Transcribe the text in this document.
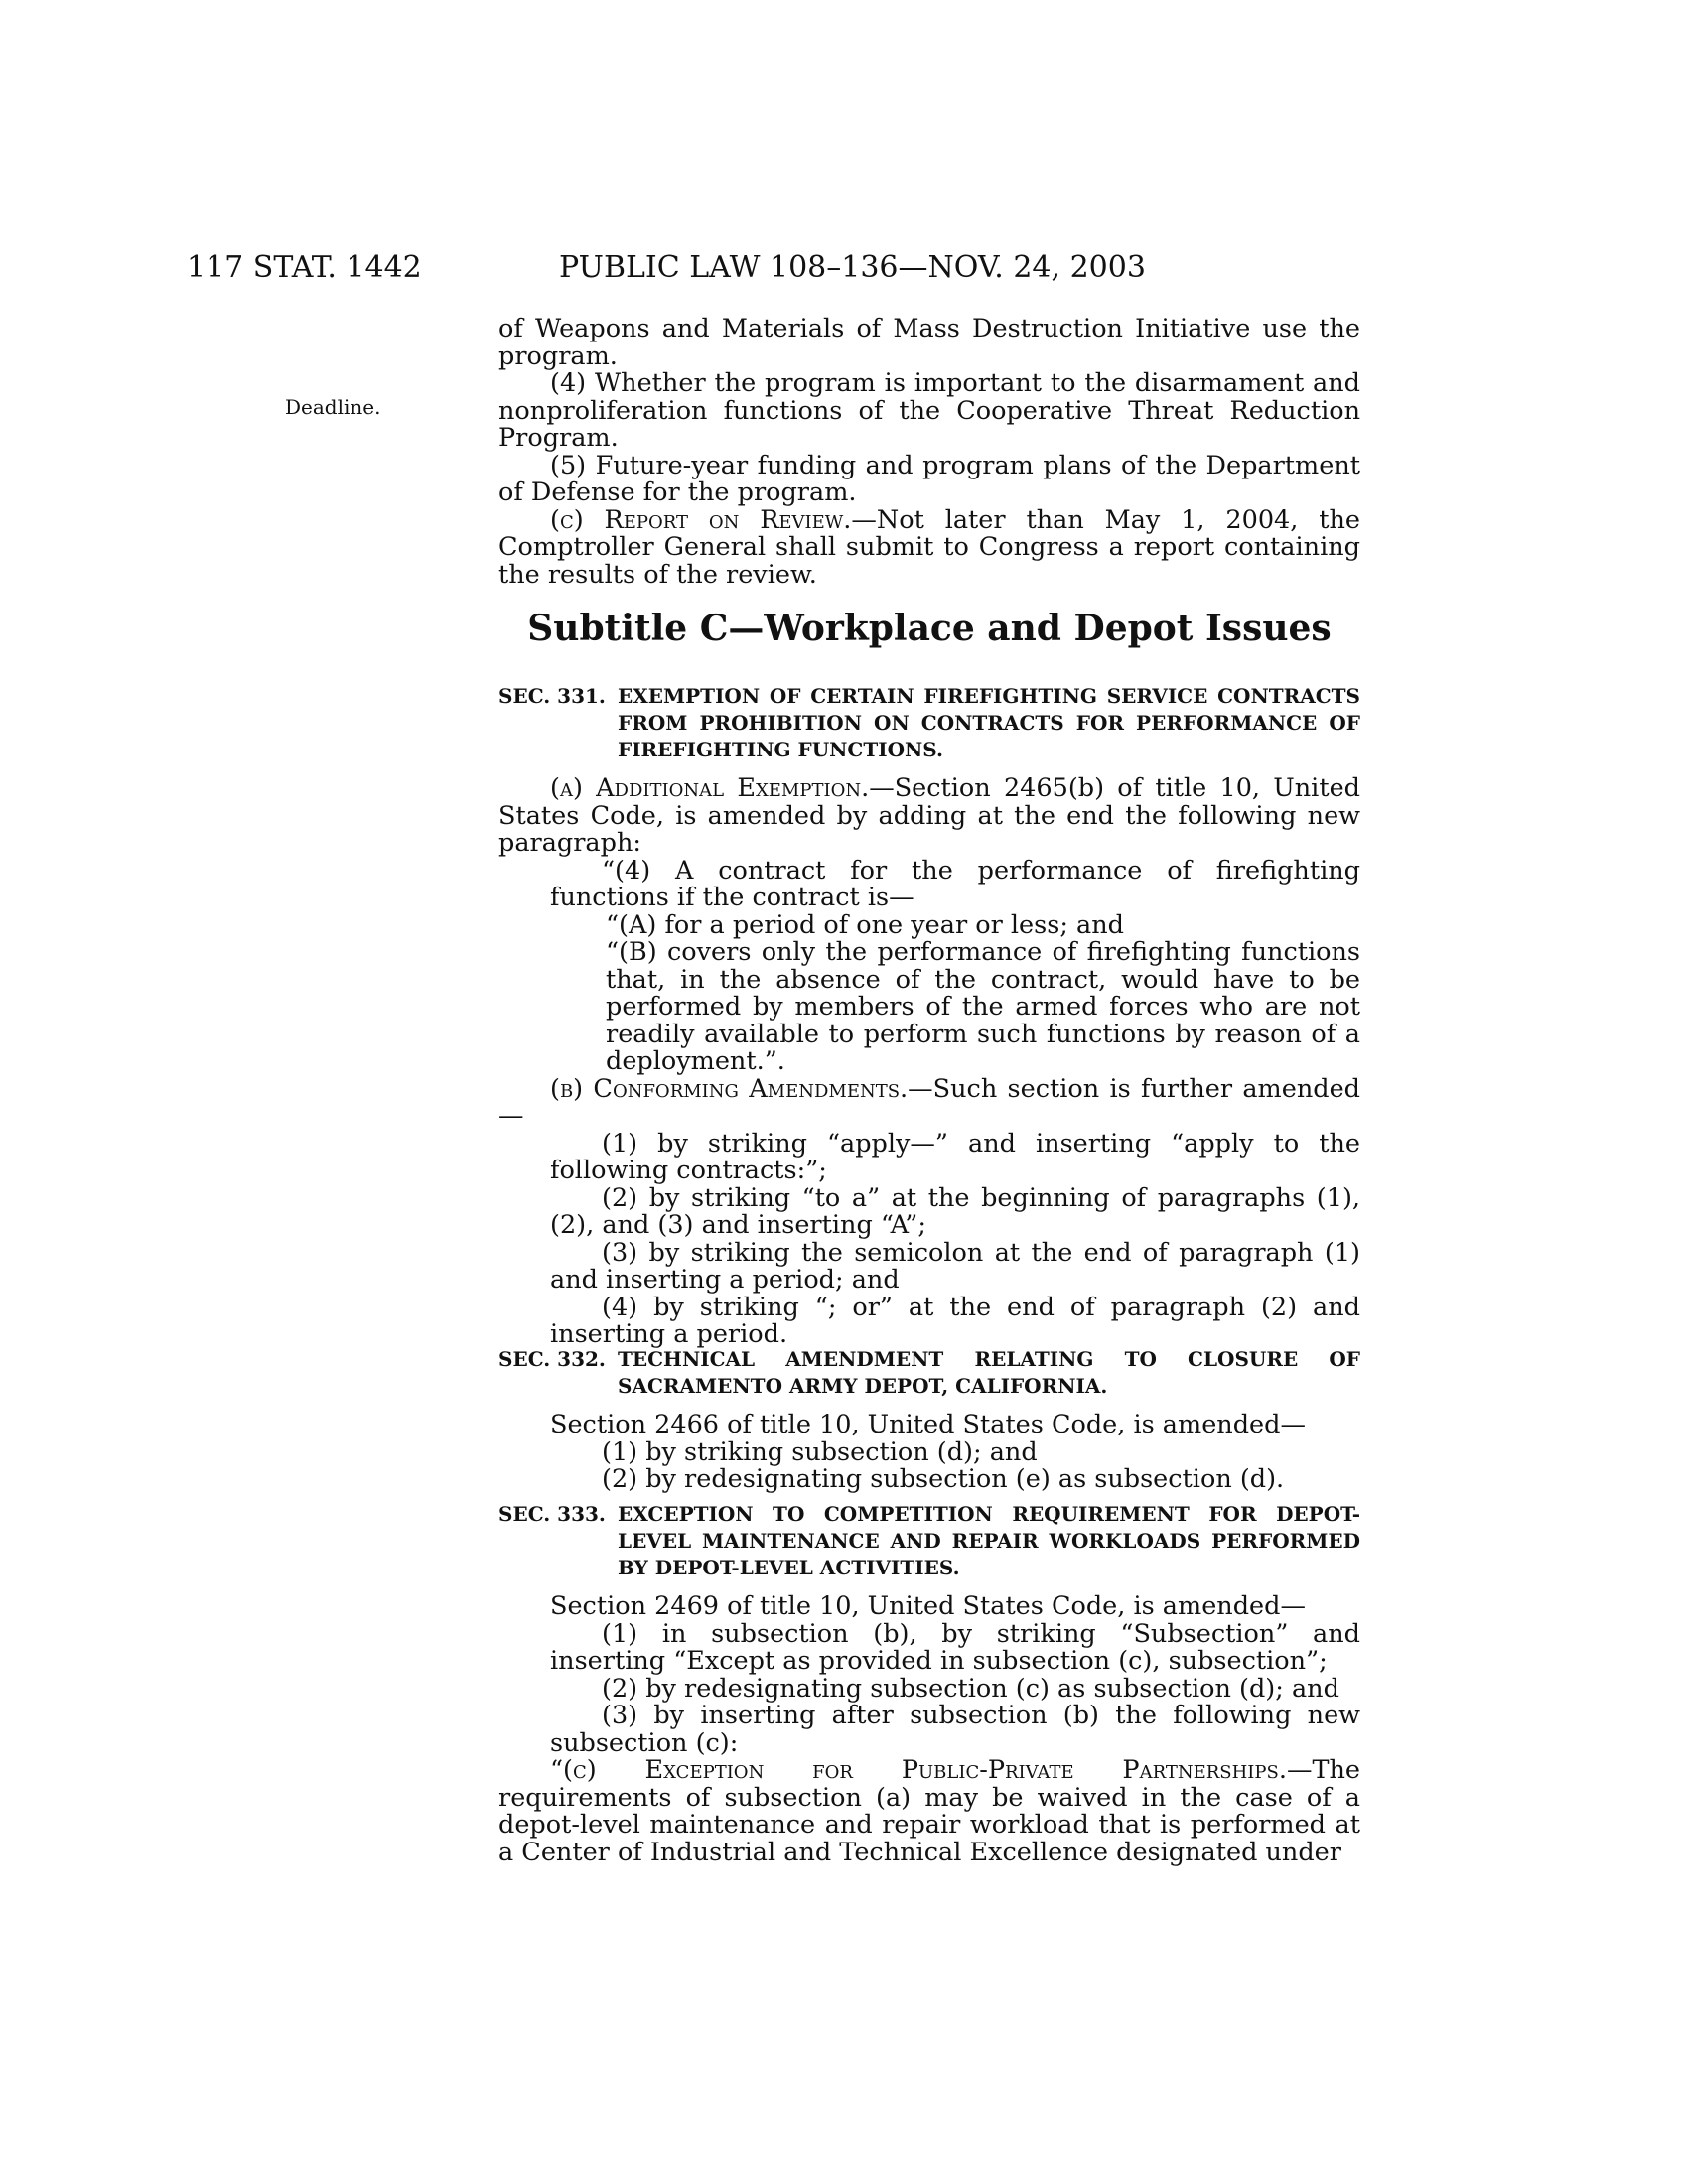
117 STAT. 1442	PUBLIC LAW 108–136—NOV. 24, 2003
Deadline.

of Weapons and Materials of Mass Destruction Initiative use the program.

(4) Whether the program is important to the disarmament and nonproliferation functions of the Cooperative Threat Reduction Program.

(5) Future-year funding and program plans of the Department of Defense for the program.

(c) Report on Review.—Not later than May 1, 2004, the Comptroller General shall submit to Congress a report containing the results of the review.

Subtitle C—Workplace and Depot Issues

SEC. 331. EXEMPTION OF CERTAIN FIREFIGHTING SERVICE CONTRACTS FROM PROHIBITION ON CONTRACTS FOR PERFORMANCE OF FIREFIGHTING FUNCTIONS.

(a) Additional Exemption.—Section 2465(b) of title 10, United States Code, is amended by adding at the end the following new paragraph:

“(4) A contract for the performance of firefighting functions if the contract is—

“(A) for a period of one year or less; and

“(B) covers only the performance of firefighting functions that, in the absence of the contract, would have to be performed by members of the armed forces who are not readily available to perform such functions by reason of a deployment.”.

(b) Conforming Amendments.—Such section is further amended—

(1) by striking “apply—” and inserting “apply to the following contracts:”;

(2) by striking “to a” at the beginning of paragraphs (1), (2), and (3) and inserting “A”;

(3) by striking the semicolon at the end of paragraph (1) and inserting a period; and

(4) by striking “; or” at the end of paragraph (2) and inserting a period.

SEC. 332. TECHNICAL AMENDMENT RELATING TO CLOSURE OF SACRAMENTO ARMY DEPOT, CALIFORNIA.

Section 2466 of title 10, United States Code, is amended—

(1) by striking subsection (d); and

(2) by redesignating subsection (e) as subsection (d).

SEC. 333. EXCEPTION TO COMPETITION REQUIREMENT FOR DEPOT-LEVEL MAINTENANCE AND REPAIR WORKLOADS PERFORMED BY DEPOT-LEVEL ACTIVITIES.

Section 2469 of title 10, United States Code, is amended—

(1) in subsection (b), by striking “Subsection” and inserting “Except as provided in subsection (c), subsection”;

(2) by redesignating subsection (c) as subsection (d); and

(3) by inserting after subsection (b) the following new subsection (c):

“(c) Exception for Public-Private Partnerships.—The requirements of subsection (a) may be waived in the case of a depot-level maintenance and repair workload that is performed at a Center of Industrial and Technical Excellence designated under
